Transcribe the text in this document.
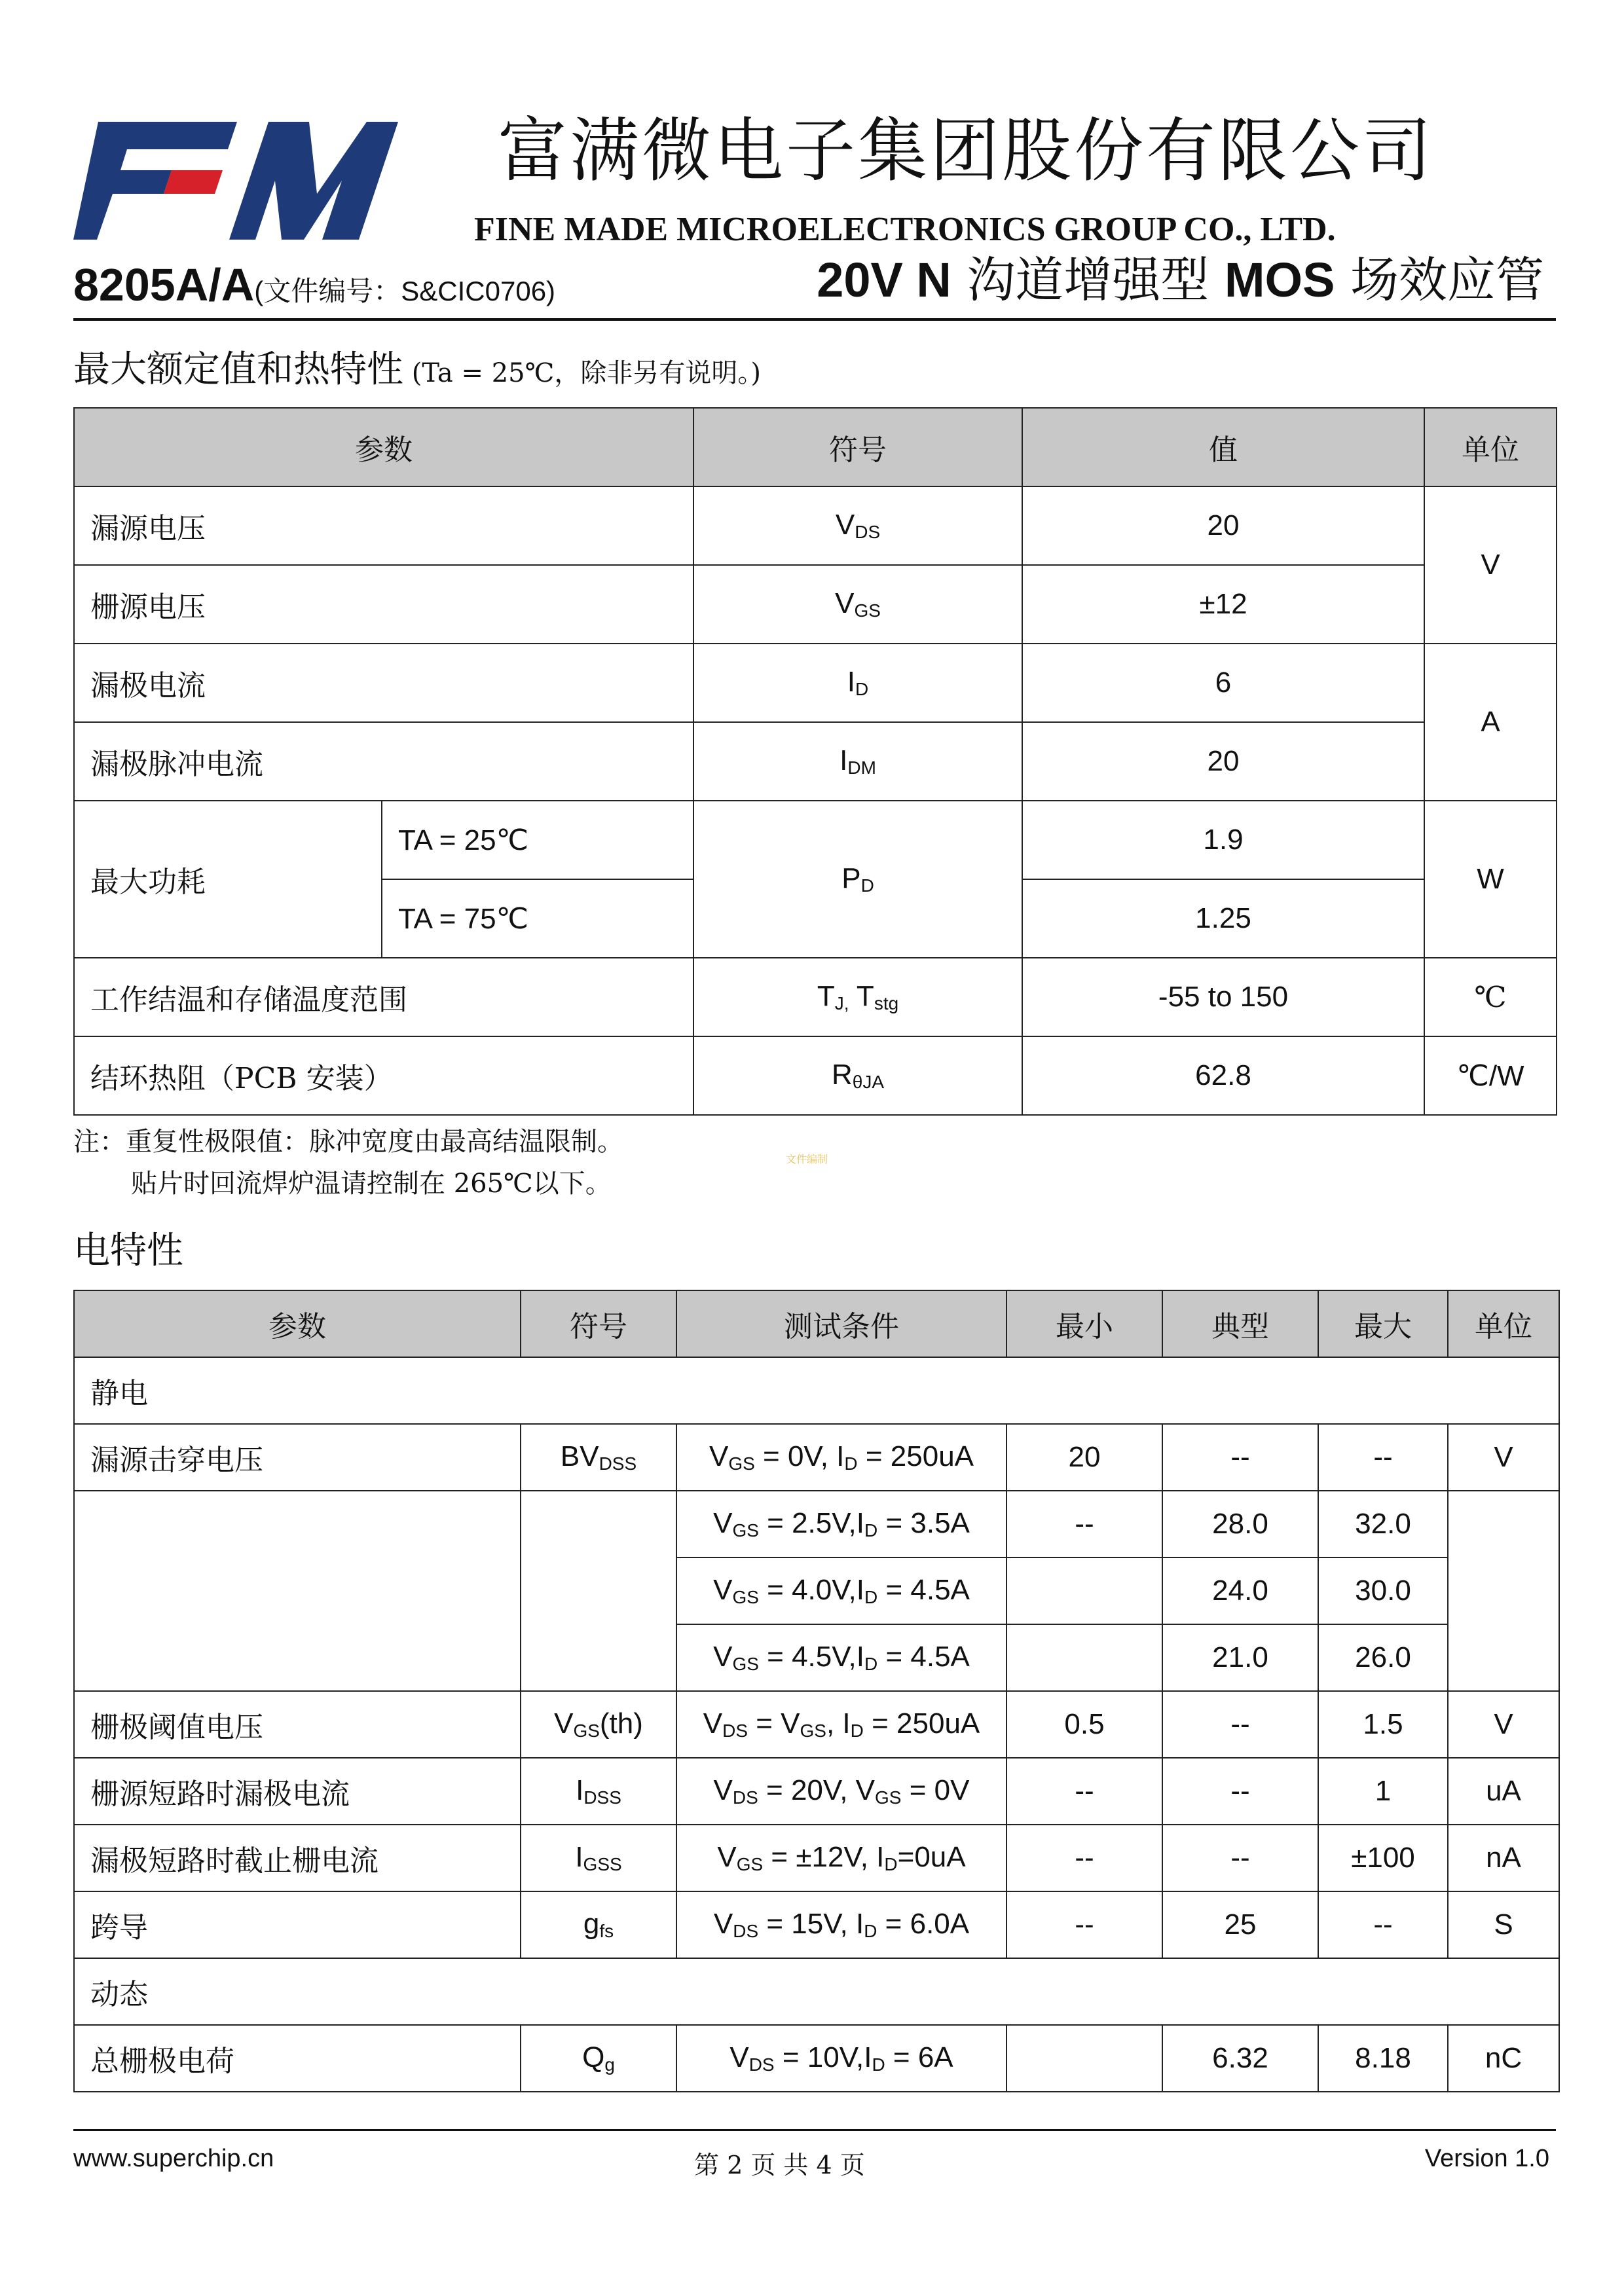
富满微电子集团股份有限公司
FINE MADE MICROELECTRONICS GROUP CO., LTD.
8205A/A(文件编号：S&CIC0706)	20V N 沟道增强型 MOS 场效应管
最大额定值和热特性 (Ta = 25℃，除非另有说明。)
参数		符号	值	单位
漏源电压		$V_{DS}$	20	V
栅源电压		$V_{GS}$	±12	
漏极电流		$I_D$	6	A
漏极脉冲电流		$I_{DM}$	20	
最大功耗	TA = 25℃	$P_D$	1.9	W
	TA = 75℃		1.25	
工作结温和存储温度范围		$T_{J,}$ $T_{stg}$	-55 to 150	℃
结环热阻（PCB 安装）		$R_{\theta JA}$	62.8	℃/W
注：重复性极限值：脉冲宽度由最高结温限制。
贴片时回流焊炉温请控制在 265℃以下。
文件编制
电特性
参数	符号	测试条件	最小	典型	最大	单位
静电						
漏源击穿电压	$BV_{DSS}$	$V_{GS} = 0V$, $I_D = 250uA$	20	--	--	V
		$V_{GS} = 2.5V,I_D = 3.5A$	--	28.0	32.0	
		$V_{GS} = 4.0V,I_D = 4.5A$		24.0	30.0	
		$V_{GS} = 4.5V,I_D = 4.5A$		21.0	26.0	
栅极阈值电压	$V_{GS}(th)$	$V_{DS} = V_{GS}$, $I_D = 250uA$	0.5	--	1.5	V
栅源短路时漏极电流	$I_{DSS}$	$V_{DS} = 20V$, $V_{GS} = 0V$	--	--	1	uA
漏极短路时截止栅电流	$I_{GSS}$	$V_{GS} = \pm 12V$, $I_D=0uA$	--	--	±100	nA
跨导	$g_{fs}$	$V_{DS} = 15V$, $I_D = 6.0A$	--	25	--	S
动态						
总栅极电荷	$Q_g$	$V_{DS} = 10V,I_D = 6A$		6.32	8.18	nC
www.superchip.cn	第 2 页 共 4 页	Version 1.0
